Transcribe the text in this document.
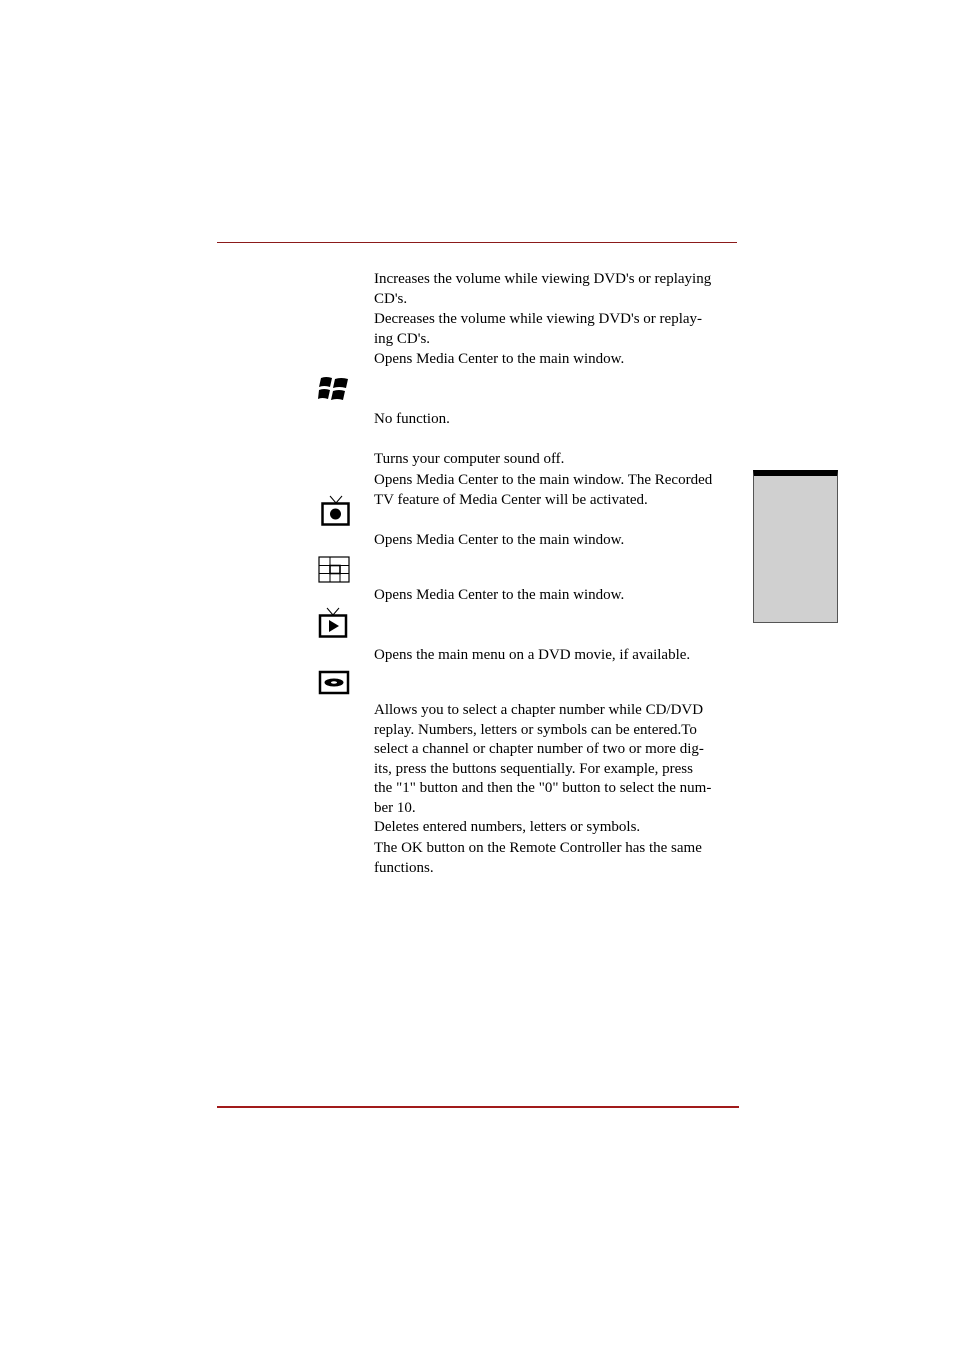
Increases the volume while viewing DVD's or replaying
CD's.
Decreases the volume while viewing DVD's or replay-
ing CD's.
Opens Media Center to the main window.
No function.
Turns your computer sound off.
Opens Media Center to the main window. The Recorded
TV feature of Media Center will be activated.
Opens Media Center to the main window.
Opens Media Center to the main window.
Opens the main menu on a DVD movie, if available.
Allows you to select a chapter number while CD/DVD
replay. Numbers, letters or symbols can be entered.To
select a channel or chapter number of two or more dig-
its, press the buttons sequentially. For example, press
the "1" button and then the "0" button to select the num-
ber 10.
Deletes entered numbers, letters or symbols.
The OK button on the Remote Controller has the same
functions.
